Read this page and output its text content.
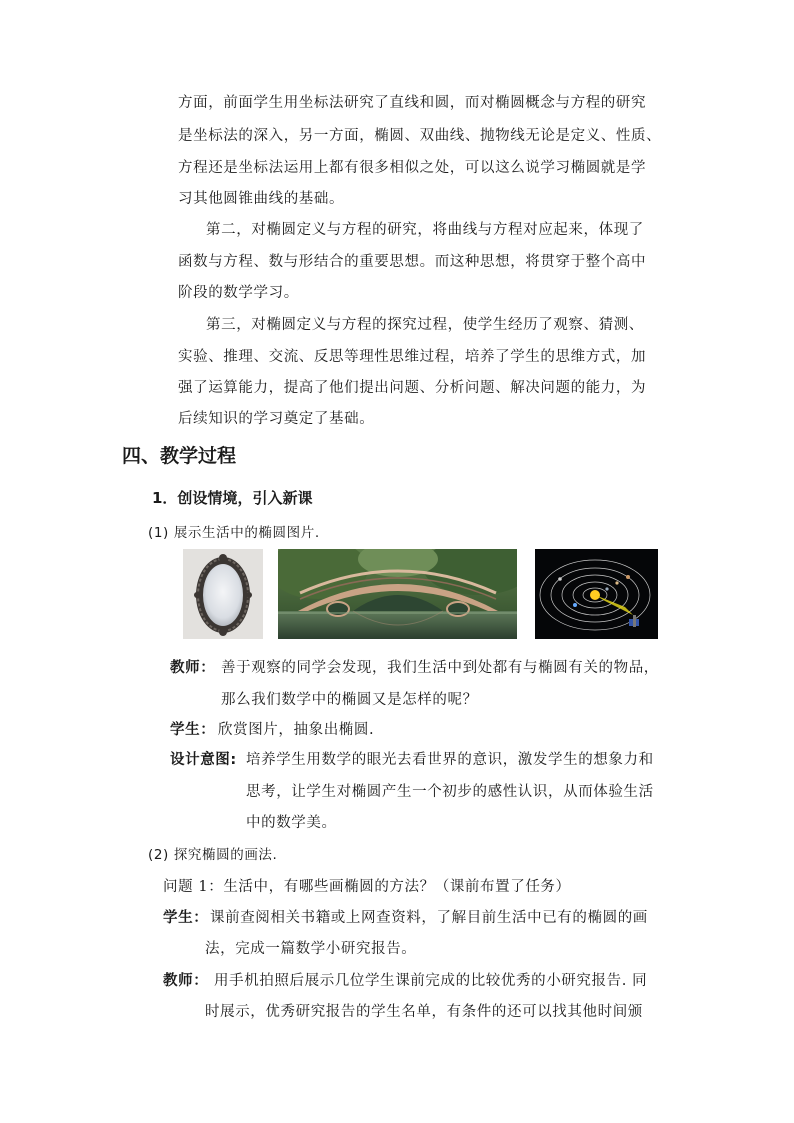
方面，前面学生用坐标法研究了直线和圆，而对椭圆概念与方程的研究
是坐标法的深入，另一方面，椭圆、双曲线、抛物线无论是定义、性质、
方程还是坐标法运用上都有很多相似之处，可以这么说学习椭圆就是学
习其他圆锥曲线的基础。
第二，对椭圆定义与方程的研究，将曲线与方程对应起来，体现了
函数与方程、数与形结合的重要思想。而这种思想，将贯穿于整个高中
阶段的数学学习。
第三，对椭圆定义与方程的探究过程，使学生经历了观察、猜测、
实验、推理、交流、反思等理性思维过程，培养了学生的思维方式，加
强了运算能力，提高了他们提出问题、分析问题、解决问题的能力，为
后续知识的学习奠定了基础。
四、教学过程
1．创设情境，引入新课
(1) 展示生活中的椭圆图片.
教师： 善于观察的同学会发现，我们生活中到处都有与椭圆有关的物品，
那么我们数学中的椭圆又是怎样的呢？
学生： 欣赏图片，抽象出椭圆.
设计意图: 培养学生用数学的眼光去看世界的意识，激发学生的想象力和
思考，让学生对椭圆产生一个初步的感性认识，从而体验生活
中的数学美。
(2) 探究椭圆的画法.
问题 1：生活中，有哪些画椭圆的方法？（课前布置了任务）
学生： 课前查阅相关书籍或上网查资料，了解目前生活中已有的椭圆的画
法，完成一篇数学小研究报告。
教师： 用手机拍照后展示几位学生课前完成的比较优秀的小研究报告. 同
时展示，优秀研究报告的学生名单，有条件的还可以找其他时间颁
